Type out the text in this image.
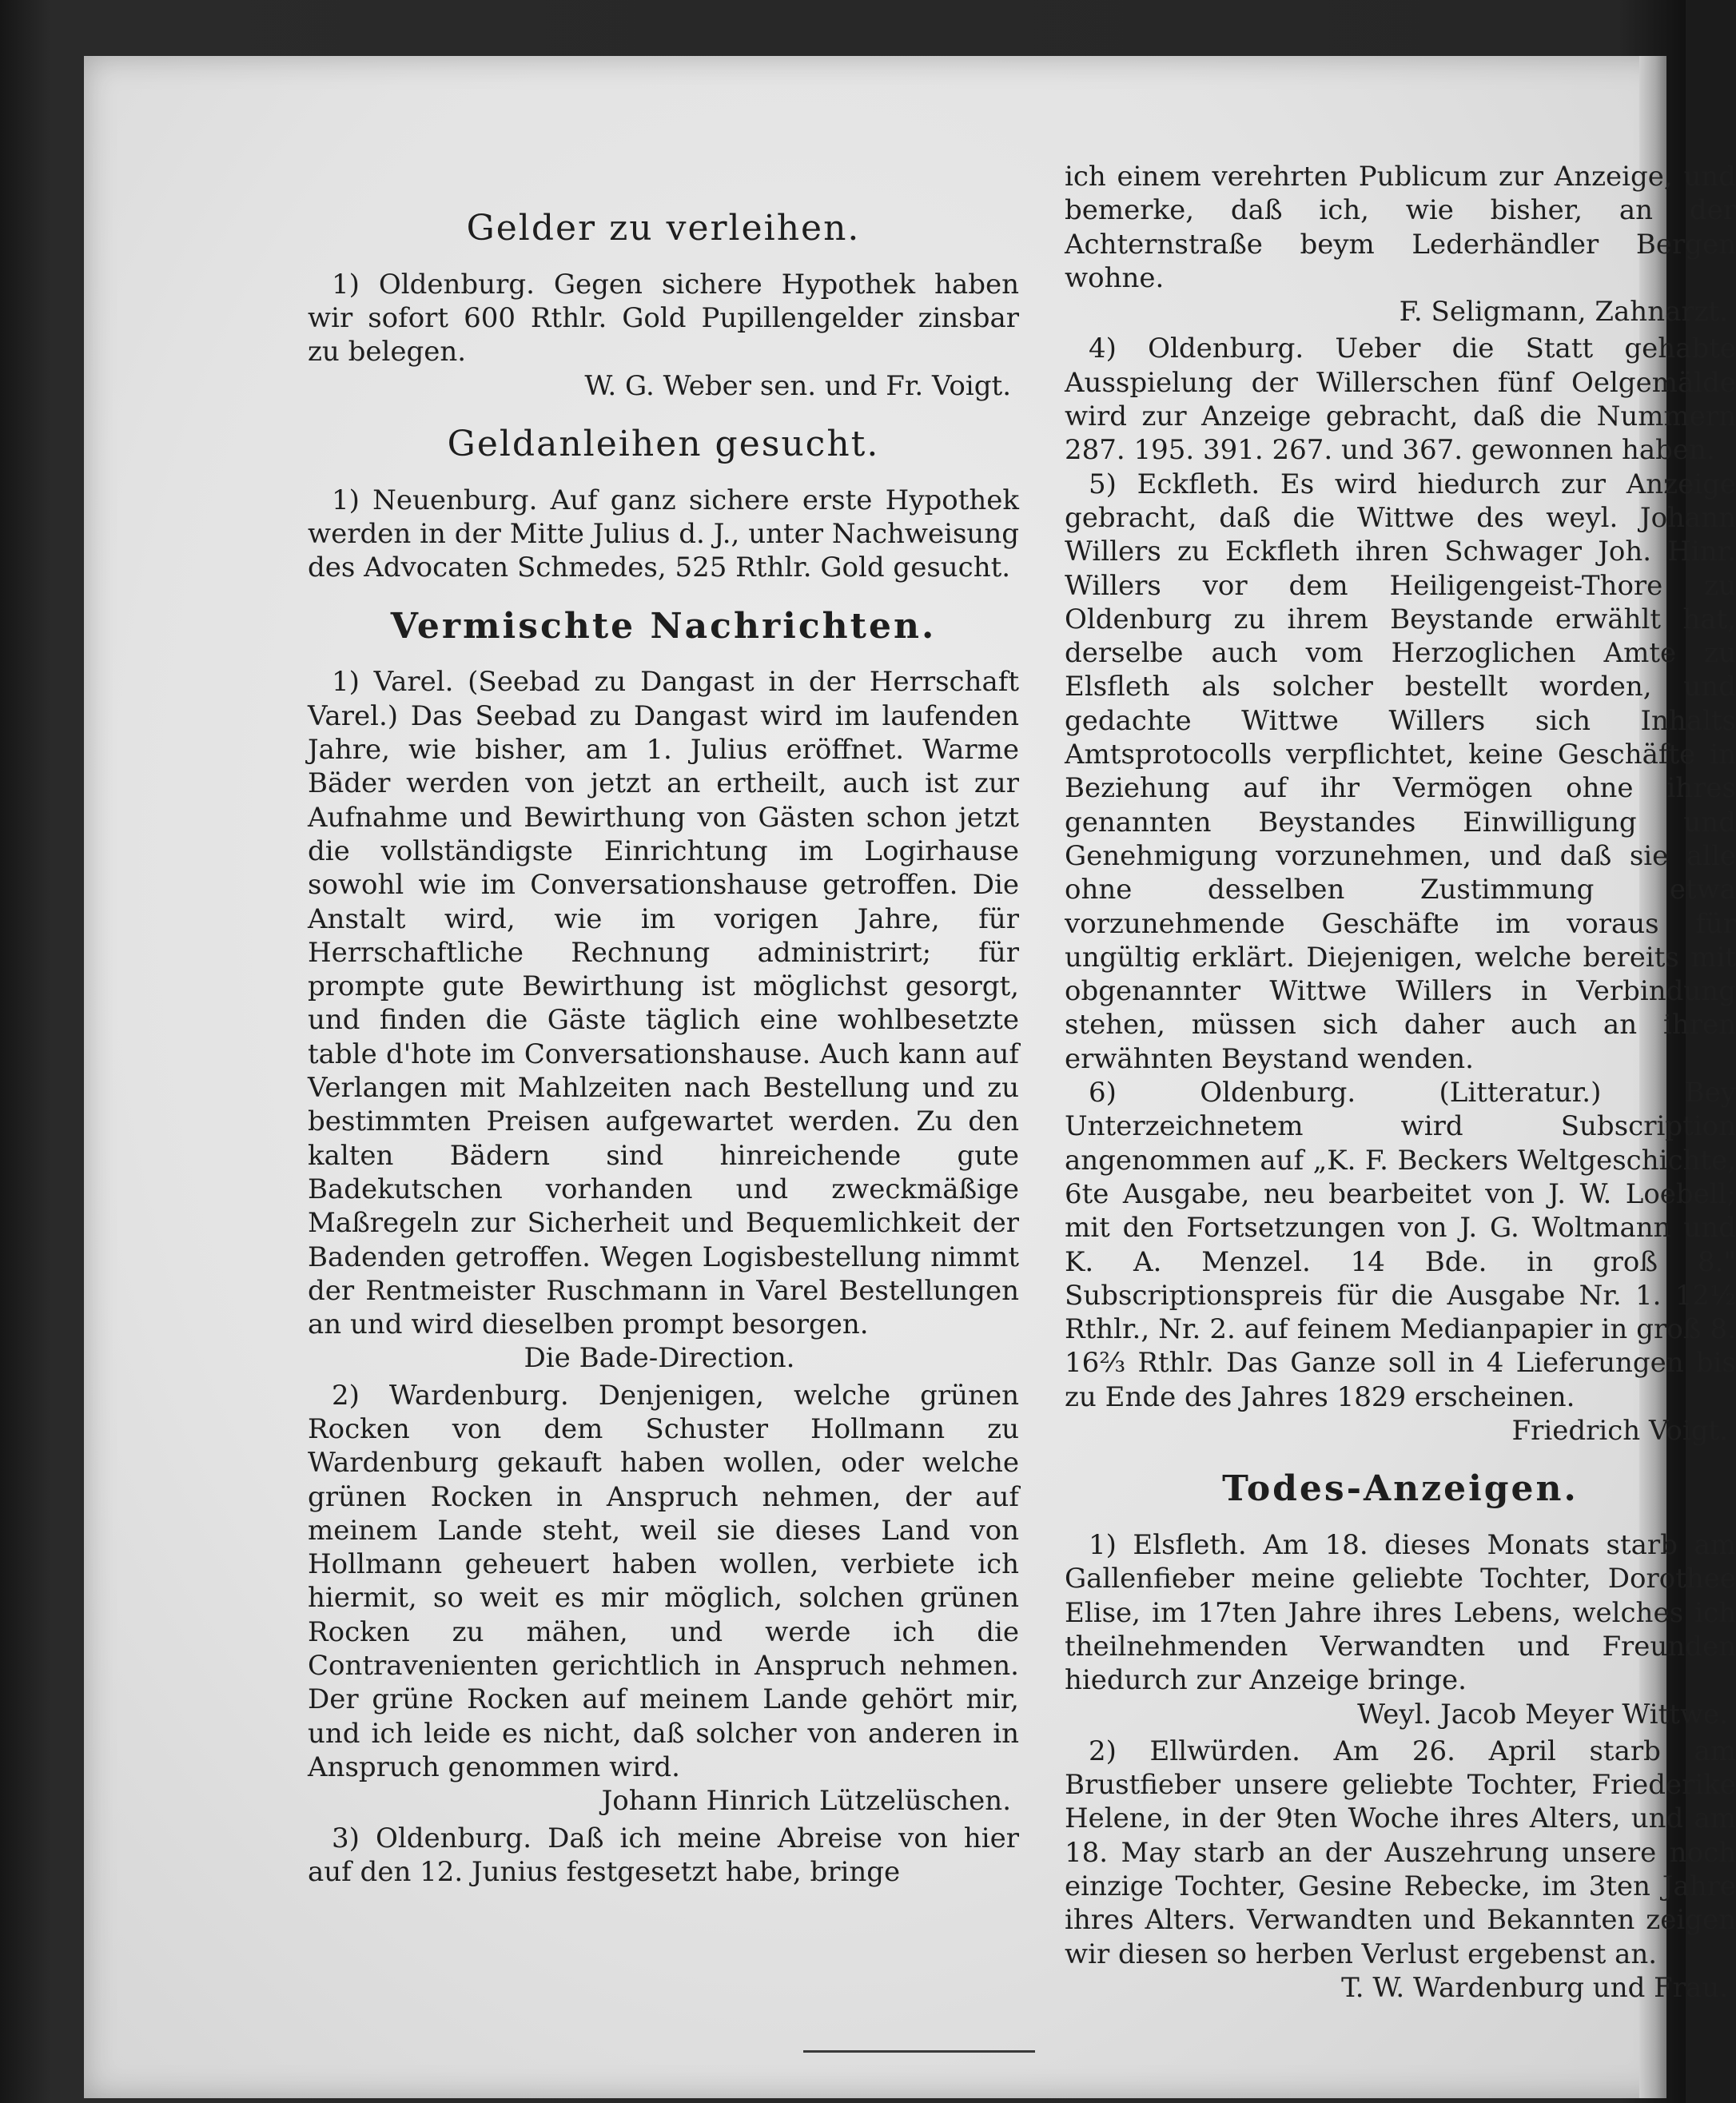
Gelder zu verleihen.

1) Oldenburg. Gegen sichere Hypothek haben wir sofort 600 Rthlr. Gold Pupillengelder zinsbar zu belegen.

W. G. Weber sen. und Fr. Voigt.
Geldanleihen gesucht.

1) Neuenburg. Auf ganz sichere erste Hypothek werden in der Mitte Julius d. J., unter Nachweisung des Advocaten Schmedes, 525 Rthlr. Gold gesucht.

Vermischte Nachrichten.

1) Varel. (Seebad zu Dangast in der Herrschaft Varel.) Das Seebad zu Dangast wird im laufenden Jahre, wie bisher, am 1. Julius eröffnet. Warme Bäder werden von jetzt an ertheilt, auch ist zur Aufnahme und Bewirthung von Gästen schon jetzt die vollständigste Einrichtung im Logirhause sowohl wie im Conversationshause getroffen. Die Anstalt wird, wie im vorigen Jahre, für Herrschaftliche Rechnung administrirt; für prompte gute Bewirthung ist möglichst gesorgt, und finden die Gäste täglich eine wohlbesetzte table d'hote im Conversationshause. Auch kann auf Verlangen mit Mahlzeiten nach Bestellung und zu bestimmten Preisen aufgewartet werden. Zu den kalten Bädern sind hinreichende gute Badekutschen vorhanden und zweckmäßige Maßregeln zur Sicherheit und Bequemlichkeit der Badenden getroffen. Wegen Logisbestellung nimmt der Rentmeister Ruschmann in Varel Bestellungen an und wird dieselben prompt besorgen.

Die Bade-Direction.

2) Wardenburg. Denjenigen, welche grünen Rocken von dem Schuster Hollmann zu Wardenburg gekauft haben wollen, oder welche grünen Rocken in Anspruch nehmen, der auf meinem Lande steht, weil sie dieses Land von Hollmann geheuert haben wollen, verbiete ich hiermit, so weit es mir möglich, solchen grünen Rocken zu mähen, und werde ich die Contravenienten gerichtlich in Anspruch nehmen. Der grüne Rocken auf meinem Lande gehört mir, und ich leide es nicht, daß solcher von anderen in Anspruch genommen wird.

Johann Hinrich Lützelüschen.

3) Oldenburg. Daß ich meine Abreise von hier auf den 12. Junius festgesetzt habe, bringe

ich einem verehrten Publicum zur Anzeige, und bemerke, daß ich, wie bisher, an der Achternstraße beym Lederhändler Bergen wohne.

F. Seligmann, Zahnarzt.

4) Oldenburg. Ueber die Statt gehabte Ausspielung der Willerschen fünf Oelgemälde wird zur Anzeige gebracht, daß die Nummern 287. 195. 391. 267. und 367. gewonnen haben.

5) Eckfleth. Es wird hiedurch zur Anzeige gebracht, daß die Wittwe des weyl. Johann Willers zu Eckfleth ihren Schwager Joh. Hinr. Willers vor dem Heiligengeist-Thore zu Oldenburg zu ihrem Beystande erwählt hat, derselbe auch vom Herzoglichen Amte zu Elsfleth als solcher bestellt worden, und gedachte Wittwe Willers sich Inhalts Amtsprotocolls verpflichtet, keine Geschäfte in Beziehung auf ihr Vermögen ohne ihres genannten Beystandes Einwilligung und Genehmigung vorzunehmen, und daß sie alle ohne desselben Zustimmung etwa vorzunehmende Geschäfte im voraus für ungültig erklärt. Diejenigen, welche bereits mit obgenannter Wittwe Willers in Verbindung stehen, müssen sich daher auch an ihren erwähnten Beystand wenden.

6) Oldenburg. (Litteratur.) Bey Unterzeichnetem wird Subscription angenommen auf „K. F. Beckers Weltgeschichte, 6te Ausgabe, neu bearbeitet von J. W. Loebell; mit den Fortsetzungen von J. G. Woltmann und K. A. Menzel. 14 Bde. in groß 8." Subscriptionspreis für die Ausgabe Nr. 1. 12½ Rthlr., Nr. 2. auf feinem Medianpapier in groß 8. 16⅔ Rthlr. Das Ganze soll in 4 Lieferungen bis zu Ende des Jahres 1829 erscheinen.

Friedrich Voigt.
Todes-Anzeigen.

1) Elsfleth. Am 18. dieses Monats starb am Gallenfieber meine geliebte Tochter, Dorothee Elise, im 17ten Jahre ihres Lebens, welches ich theilnehmenden Verwandten und Freunden hiedurch zur Anzeige bringe.

Weyl. Jacob Meyer Wittwe.

2) Ellwürden. Am 26. April starb am Brustfieber unsere geliebte Tochter, Friederike Helene, in der 9ten Woche ihres Alters, und am 18. May starb an der Auszehrung unsere noch einzige Tochter, Gesine Rebecke, im 3ten Jahre ihres Alters. Verwandten und Bekannten zeigen wir diesen so herben Verlust ergebenst an.

T. W. Wardenburg und Frau.
